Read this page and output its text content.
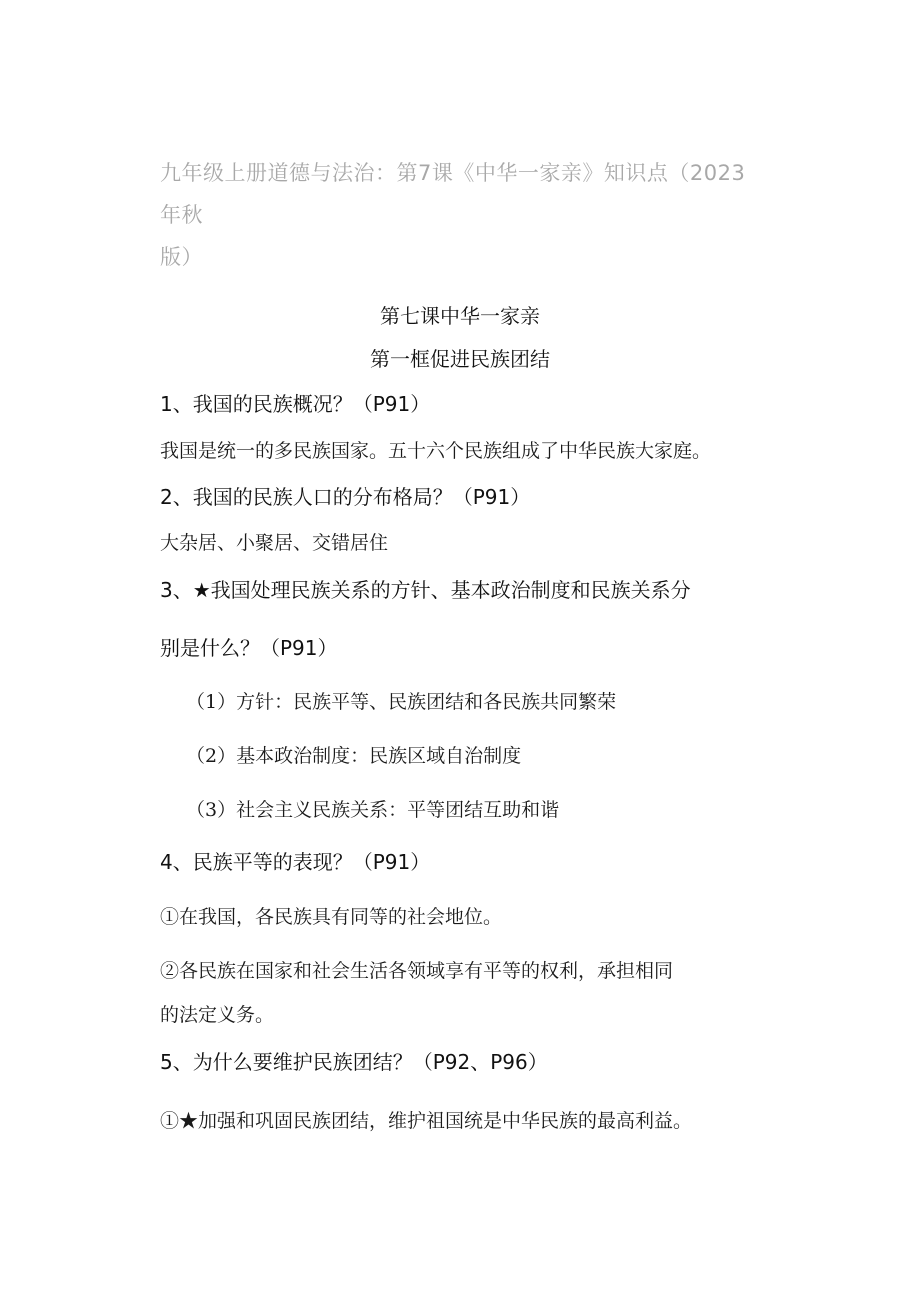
九年级上册道德与法治：第7课《中华一家亲》知识点（2023年秋
版）
第七课中华一家亲
第一框促进民族团结
1、我国的民族概况？（P91）
我国是统一的多民族国家。五十六个民族组成了中华民族大家庭。
2、我国的民族人口的分布格局？（P91）
大杂居、小聚居、交错居住
3、★我国处理民族关系的方针、基本政治制度和民族关系分
别是什么？（P91）
（1）方针：民族平等、民族团结和各民族共同繁荣
（2）基本政治制度：民族区域自治制度
（3）社会主义民族关系：平等团结互助和谐
4、民族平等的表现？（P91）
①在我国，各民族具有同等的社会地位。
②各民族在国家和社会生活各领域享有平等的权利，承担相同
的法定义务。
5、为什么要维护民族团结？（P92、P96）
①★加强和巩固民族团结，维护祖国统是中华民族的最高利益。
